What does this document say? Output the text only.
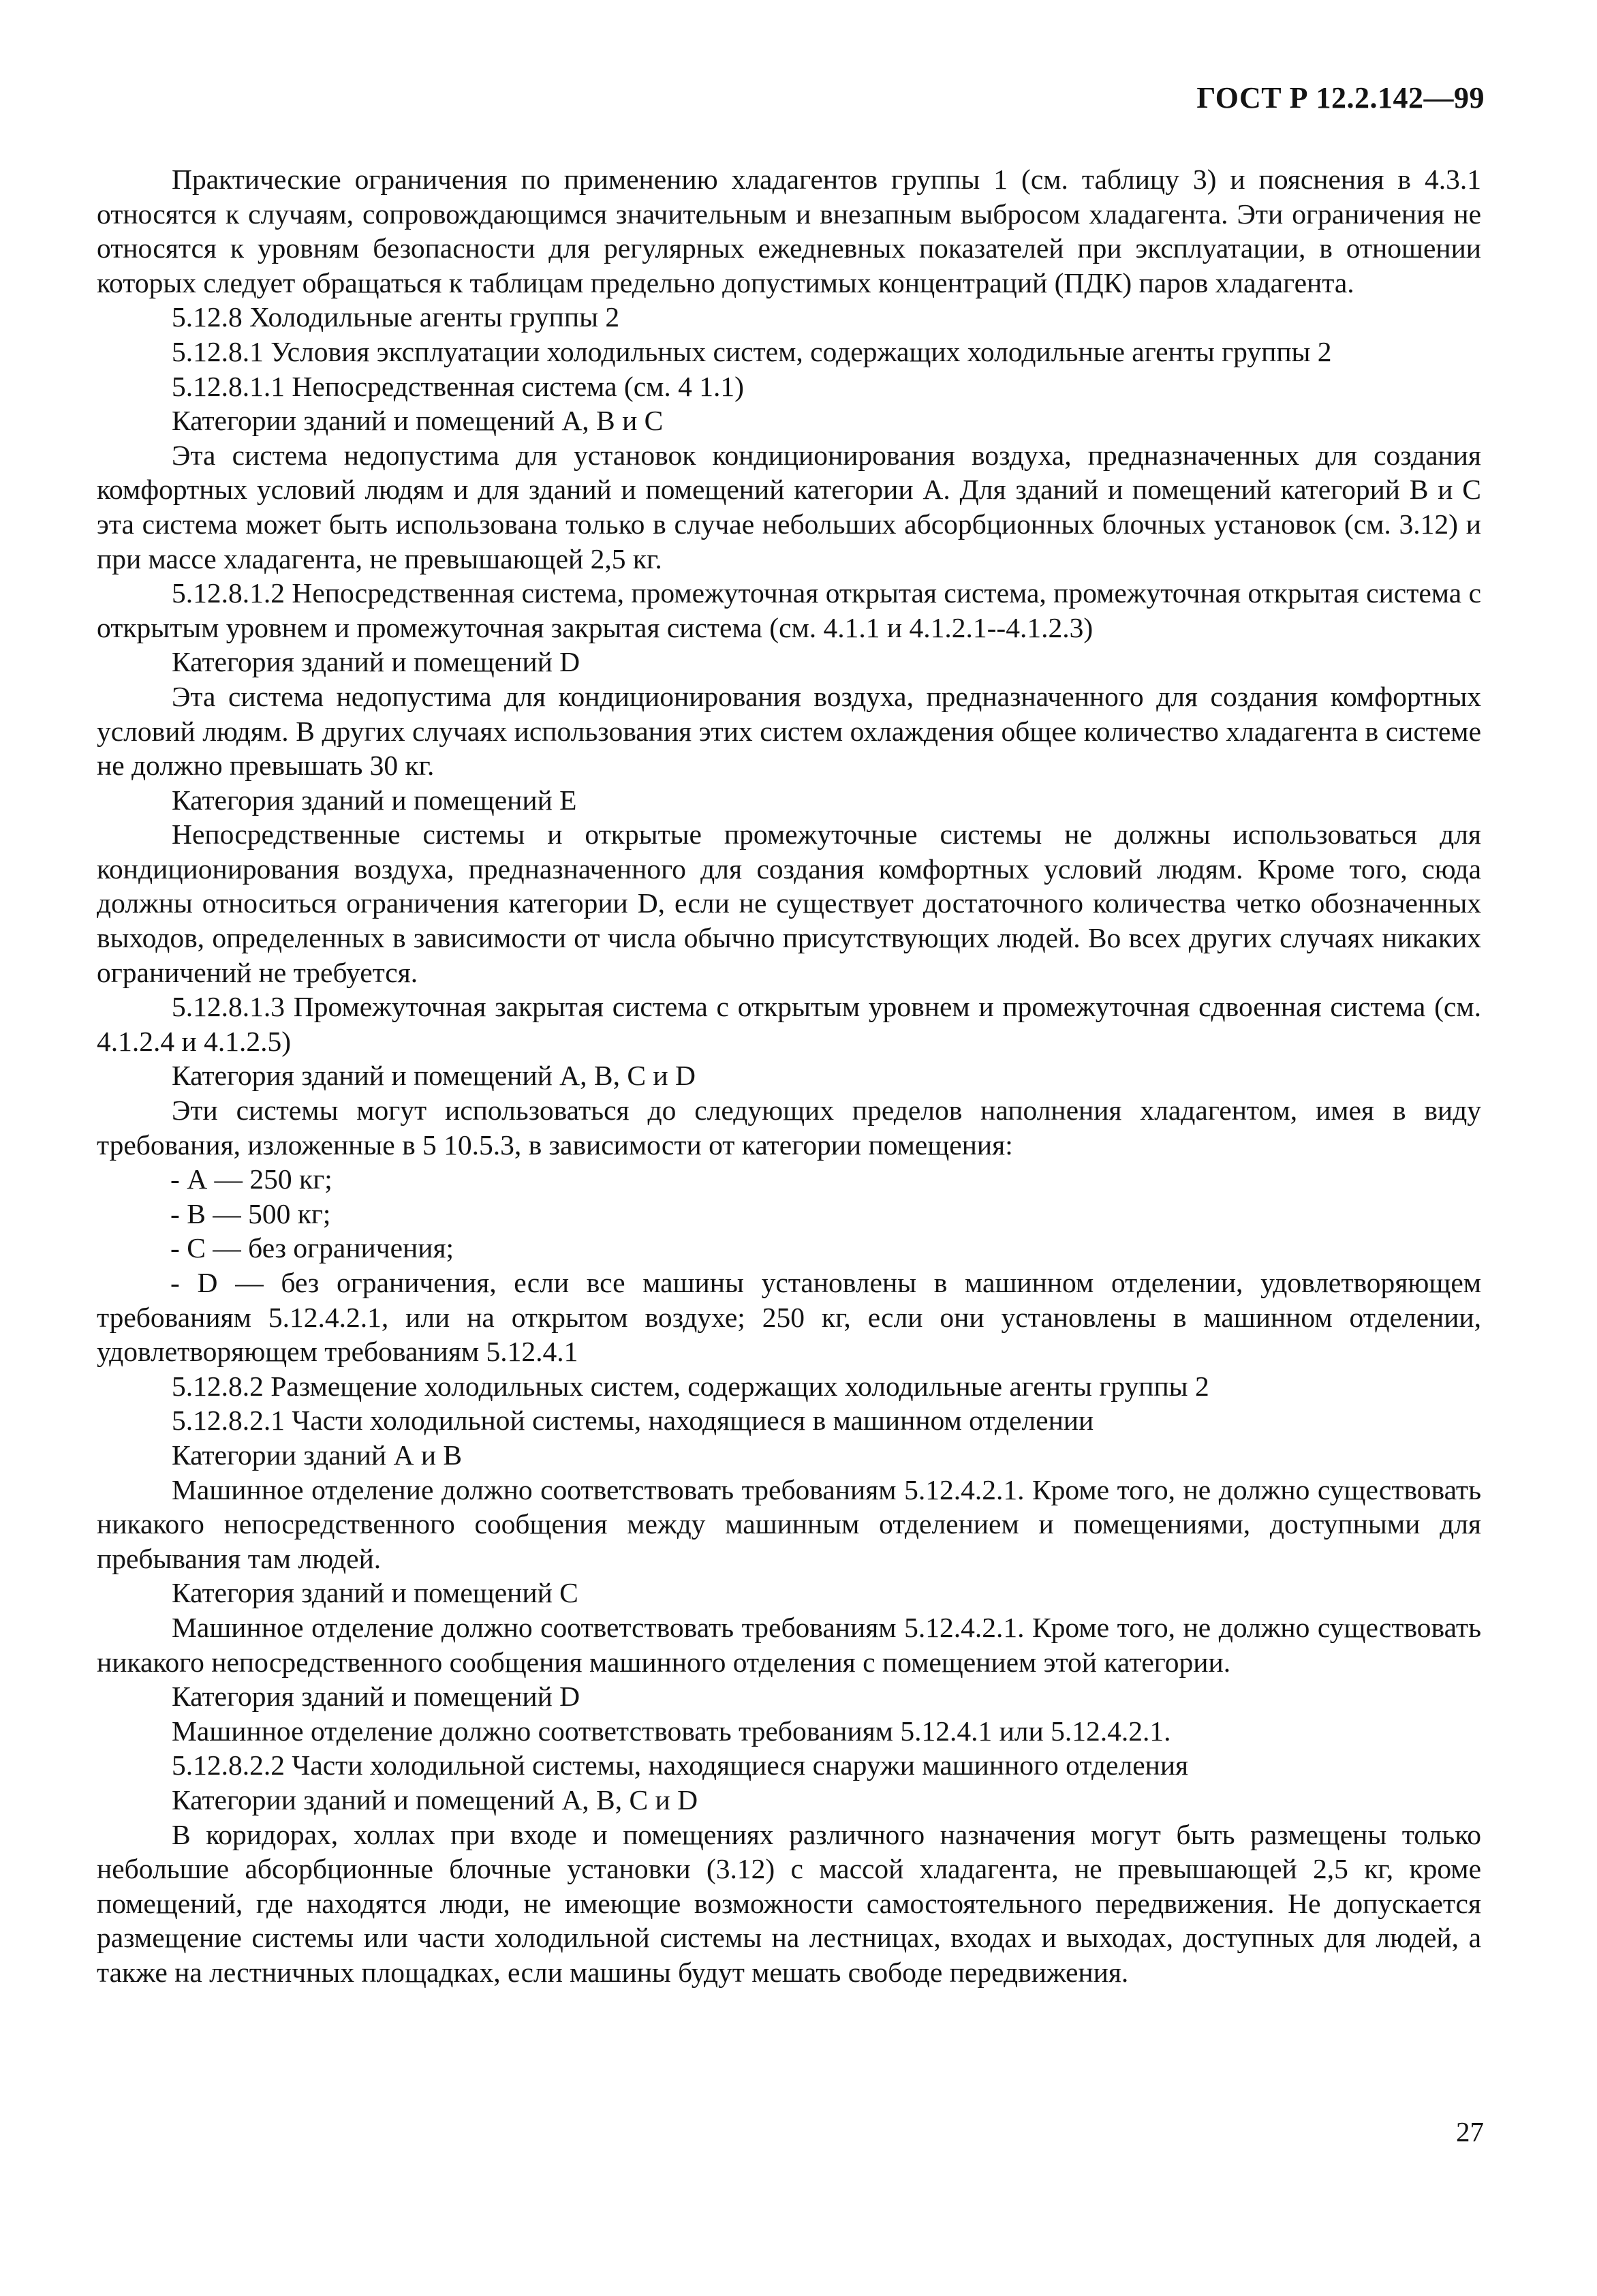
ГОСТ Р 12.2.142—99

Практические ограничения по применению хладагентов группы 1 (см. таблицу 3) и пояснения в 4.3.1 относятся к случаям, сопровождающимся значительным и внезапным выбросом хладагента. Эти ограничения не относятся к уровням безопасности для регулярных ежедневных показателей при эксплуатации, в отношении которых следует обращаться к таблицам предельно допустимых концентраций (ПДК) паров хладагента.

5.12.8 Холодильные агенты группы 2

5.12.8.1 Условия эксплуатации холодильных систем, содержащих холодильные агенты группы 2

5.12.8.1.1 Непосредственная система (см. 4 1.1)

Категории зданий и помещений А, В и С

Эта система недопустима для установок кондиционирования воздуха, предназначенных для создания комфортных условий людям и для зданий и помещений категории А. Для зданий и помещений категорий В и С эта система может быть использована только в случае небольших абсорбционных блочных установок (см. 3.12) и при массе хладагента, не превышающей 2,5 кг.

5.12.8.1.2 Непосредственная система, промежуточная открытая система, промежуточная открытая система с открытым уровнем и промежуточная закрытая система (см. 4.1.1 и 4.1.2.1--4.1.2.3)

Категория зданий и помещений D

Эта система недопустима для кондиционирования воздуха, предназначенного для создания комфортных условий людям. В других случаях использования этих систем охлаждения общее количество хладагента в системе не должно превышать 30 кг.

Категория зданий и помещений Е

Непосредственные системы и открытые промежуточные системы не должны использоваться для кондиционирования воздуха, предназначенного для создания комфортных условий людям. Кроме того, сюда должны относиться ограничения категории D, если не существует достаточного количества четко обозначенных выходов, определенных в зависимости от числа обычно присутствующих людей. Во всех других случаях никаких ограничений не требуется.

5.12.8.1.3 Промежуточная закрытая система с открытым уровнем и промежуточная сдвоенная система (см. 4.1.2.4 и 4.1.2.5)

Категория зданий и помещений А, В, С и D

Эти системы могут использоваться до следующих пределов наполнения хладагентом, имея в виду требования, изложенные в 5 10.5.3, в зависимости от категории помещения:

- А — 250 кг;

- В — 500 кг;

- С — без ограничения;

- D — без ограничения, если все машины установлены в машинном отделении, удовлетворяющем требованиям 5.12.4.2.1, или на открытом воздухе; 250 кг, если они установлены в машинном отделении, удовлетворяющем требованиям 5.12.4.1

5.12.8.2 Размещение холодильных систем, содержащих холодильные агенты группы 2

5.12.8.2.1 Части холодильной системы, находящиеся в машинном отделении

Категории зданий А и В

Машинное отделение должно соответствовать требованиям 5.12.4.2.1. Кроме того, не должно существовать никакого непосредственного сообщения между машинным отделением и помещениями, доступными для пребывания там людей.

Категория зданий и помещений С

Машинное отделение должно соответствовать требованиям 5.12.4.2.1. Кроме того, не должно существовать никакого непосредственного сообщения машинного отделения с помещением этой категории.

Категория зданий и помещений D

Машинное отделение должно соответствовать требованиям 5.12.4.1 или 5.12.4.2.1.

5.12.8.2.2 Части холодильной системы, находящиеся снаружи машинного отделения

Категории зданий и помещений А, В, С и D

В коридорах, холлах при входе и помещениях различного назначения могут быть размещены только небольшие абсорбционные блочные установки (3.12) с массой хладагента, не превышающей 2,5 кг, кроме помещений, где находятся люди, не имеющие возможности самостоятельного передвижения. Не допускается размещение системы или части холодильной системы на лестницах, входах и выходах, доступных для людей, а также на лестничных площадках, если машины будут мешать свободе передвижения.

27
